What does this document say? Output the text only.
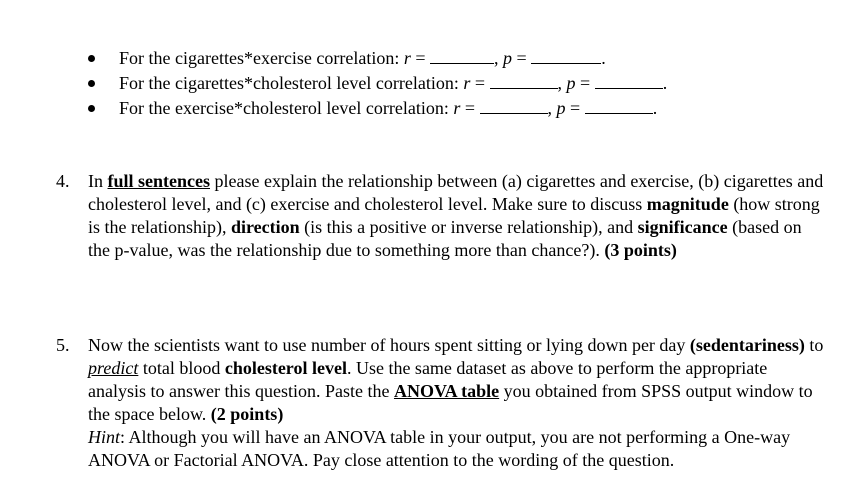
For the cigarettes*exercise correlation: r =	, p =	.
For the cigarettes*cholesterol level correlation: r =	, p =	.
For the exercise*cholesterol level correlation: r =	, p =	.
4. In full sentences please explain the relationship between (a) cigarettes and exercise, (b) cigarettes and cholesterol level, and (c) exercise and cholesterol level. Make sure to discuss magnitude (how strong is the relationship), direction (is this a positive or inverse relationship), and significance (based on the p-value, was the relationship due to something more than chance?). (3 points)

5. Now the scientists want to use number of hours spent sitting or lying down per day (sedentariness) to predict total blood cholesterol level. Use the same dataset as above to perform the appropriate analysis to answer this question. Paste the ANOVA table you obtained from SPSS output window to the space below. (2 points)

Hint: Although you will have an ANOVA table in your output, you are not performing a One-way ANOVA or Factorial ANOVA. Pay close attention to the wording of the question.
